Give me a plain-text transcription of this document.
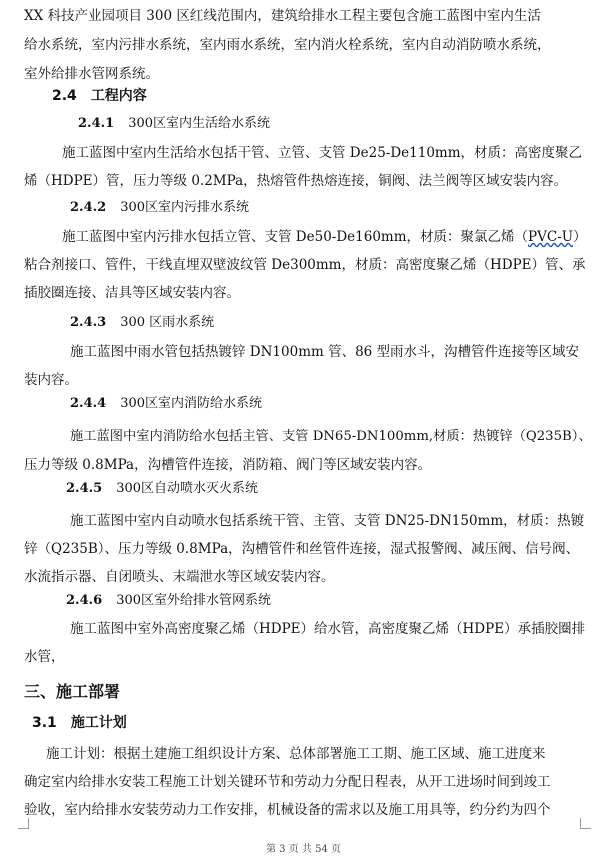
XX 科技产业园项目 300 区红线范围内，建筑给排水工程主要包含施工蓝图中室内生活
给水系统，室内污排水系统，室内雨水系统，室内消火栓系统，室内自动消防喷水系统，
室外给排水管网系统。
2.4 工程内容
2.4.1 300区室内生活给水系统
施工蓝图中室内生活给水包括干管、立管、支管 De25-De110mm，材质：高密度聚乙
烯（HDPE）管，压力等级 0.2MPa，热熔管件热熔连接，铜阀、法兰阀等区域安装内容。
2.4.2 300区室内污排水系统
施工蓝图中室内污排水包括立管、支管 De50-De160mm，材质：聚氯乙烯（PVC-U）
粘合剂接口、管件，干线直埋双壁波纹管 De300mm，材质：高密度聚乙烯（HDPE）管、承
插胶圈连接、洁具等区域安装内容。
2.4.3 300 区雨水系统
施工蓝图中雨水管包括热镀锌 DN100mm 管、86 型雨水斗，沟槽管件连接等区域安
装内容。
2.4.4 300区室内消防给水系统
施工蓝图中室内消防给水包括主管、支管 DN65-DN100mm,材质：热镀锌（Q235B）、
压力等级 0.8MPa，沟槽管件连接，消防箱、阀门等区域安装内容。
2.4.5 300区自动喷水灭火系统
施工蓝图中室内自动喷水包括系统干管、主管、支管 DN25-DN150mm，材质：热镀
锌（Q235B）、压力等级 0.8MPa，沟槽管件和丝管件连接，湿式报警阀、减压阀、信号阀、
水流指示器、自闭喷头、末端泄水等区域安装内容。
2.4.6 300区室外给排水管网系统
施工蓝图中室外高密度聚乙烯（HDPE）给水管，高密度聚乙烯（HDPE）承插胶圈排
水管，
三、施工部署
3.1 施工计划
施工计划：根据土建施工组织设计方案、总体部署施工工期、施工区域、施工进度来
确定室内给排水安装工程施工计划关键环节和劳动力分配日程表，从开工进场时间到竣工
验收，室内给排水安装劳动力工作安排，机械设备的需求以及施工用具等，约分约为四个
第 3 页 共 54 页
